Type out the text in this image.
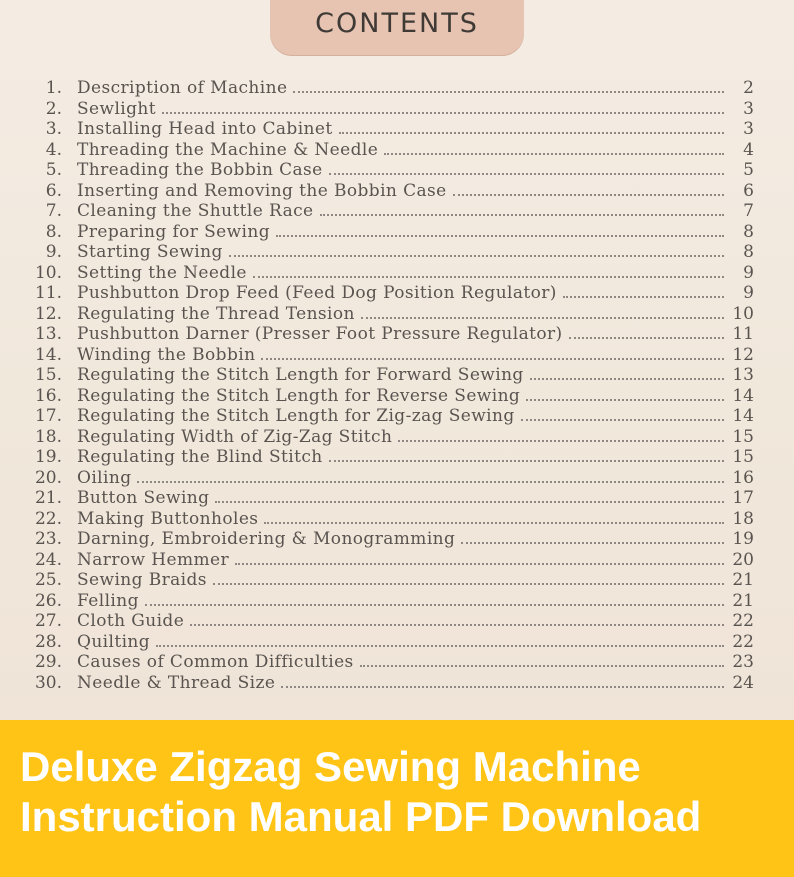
CONTENTS
1. Description of Machine	2
2. Sewlight	3
3. Installing Head into Cabinet	3
4. Threading the Machine & Needle	4
5. Threading the Bobbin Case	5
6. Inserting and Removing the Bobbin Case	6
7. Cleaning the Shuttle Race	7
8. Preparing for Sewing	8
9. Starting Sewing	8
10. Setting the Needle	9
11. Pushbutton Drop Feed (Feed Dog Position Regulator)	9
12. Regulating the Thread Tension	10
13. Pushbutton Darner (Presser Foot Pressure Regulator)	11
14. Winding the Bobbin	12
15. Regulating the Stitch Length for Forward Sewing	13
16. Regulating the Stitch Length for Reverse Sewing	14
17. Regulating the Stitch Length for Zig-zag Sewing	14
18. Regulating Width of Zig-Zag Stitch	15
19. Regulating the Blind Stitch	15
20. Oiling	16
21. Button Sewing	17
22. Making Buttonholes	18
23. Darning, Embroidering & Monogramming	19
24. Narrow Hemmer	20
25. Sewing Braids	21
26. Felling	21
27. Cloth Guide	22
28. Quilting	22
29. Causes of Common Difficulties	23
30. Needle & Thread Size	24
Deluxe Zigzag Sewing Machine
Instruction Manual PDF Download
